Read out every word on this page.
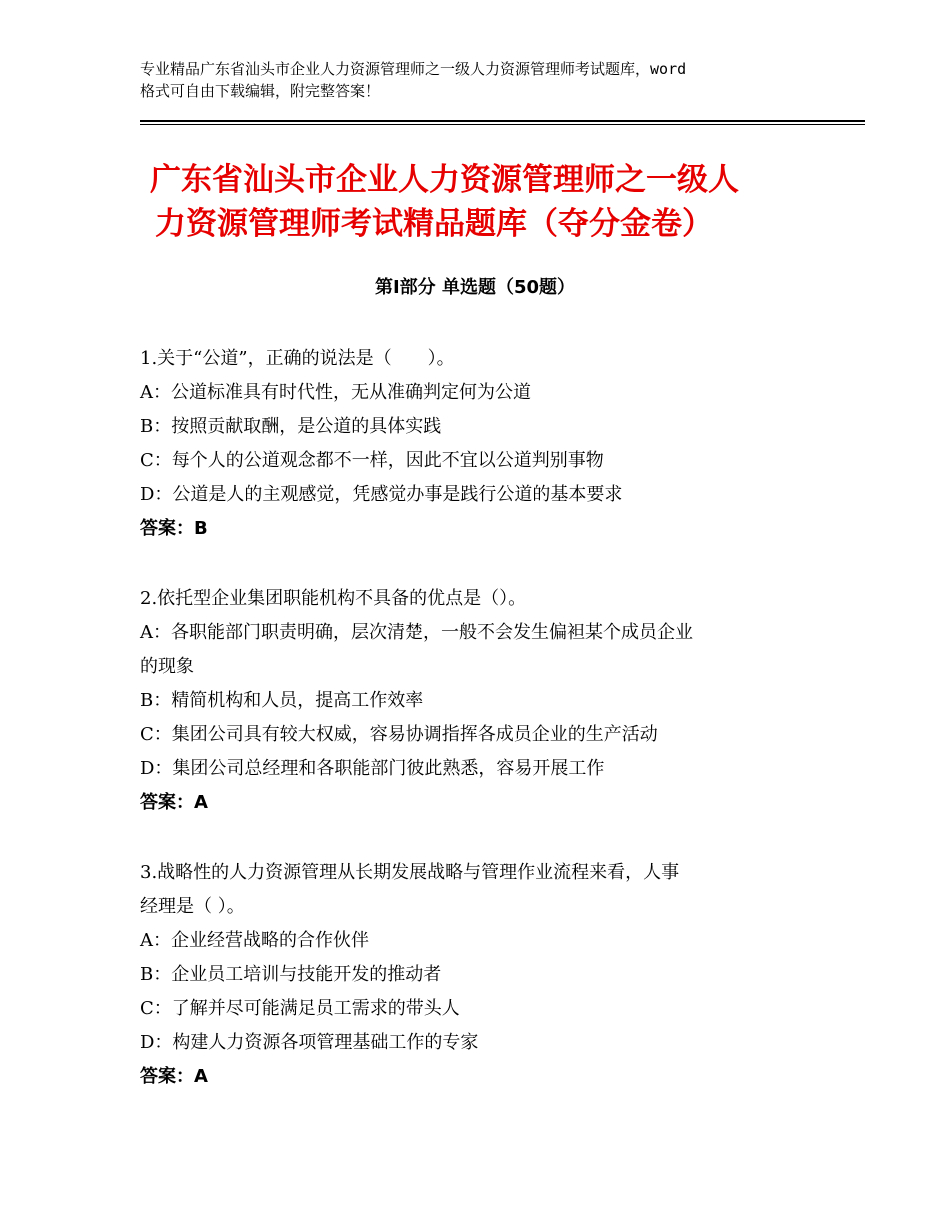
专业精品广东省汕头市企业人力资源管理师之一级人力资源管理师考试题库，word
格式可自由下载编辑，附完整答案！
广东省汕头市企业人力资源管理师之一级人
力资源管理师考试精品题库（夺分金卷）
第Ⅰ部分 单选题（50题）
1.关于“公道”，正确的说法是（　　）。
A：公道标准具有时代性，无从准确判定何为公道
B：按照贡献取酬，是公道的具体实践
C：每个人的公道观念都不一样，因此不宜以公道判别事物
D：公道是人的主观感觉，凭感觉办事是践行公道的基本要求
答案：B
2.依托型企业集团职能机构不具备的优点是（）。
A：各职能部门职责明确，层次清楚，一般不会发生偏袒某个成员企业
的现象
B：精简机构和人员，提高工作效率
C：集团公司具有较大权威，容易协调指挥各成员企业的生产活动
D：集团公司总经理和各职能部门彼此熟悉，容易开展工作
答案：A
3.战略性的人力资源管理从长期发展战略与管理作业流程来看，人事
经理是（ ）。
A：企业经营战略的合作伙伴
B：企业员工培训与技能开发的推动者
C：了解并尽可能满足员工需求的带头人
D：构建人力资源各项管理基础工作的专家
答案：A
